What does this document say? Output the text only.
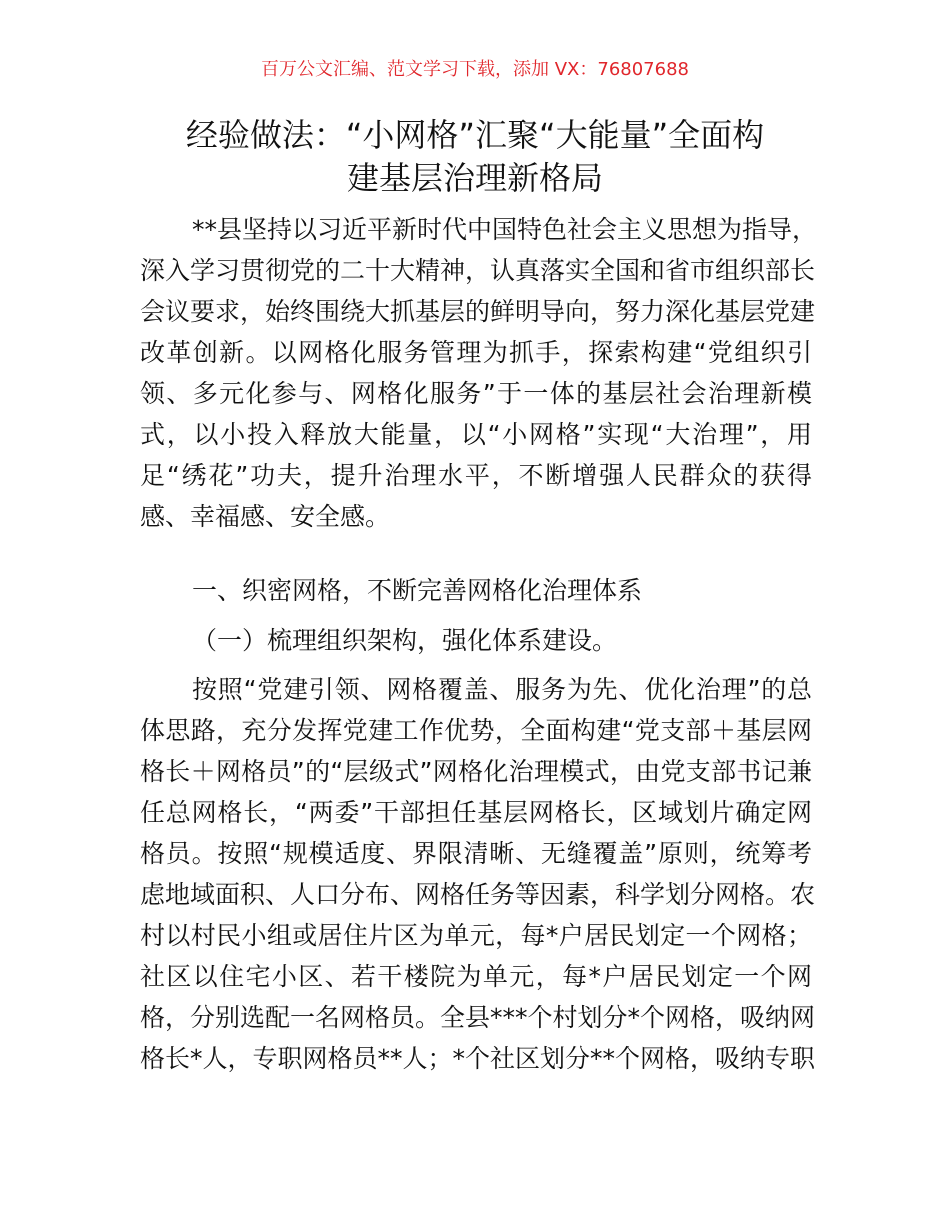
百万公文汇编、范文学习下载，添加 VX：76807688
经验做法：“小网格”汇聚“大能量”全面构
建基层治理新格局
**县坚持以习近平新时代中国特色社会主义思想为指导，
深入学习贯彻党的二十大精神，认真落实全国和省市组织部长
会议要求，始终围绕大抓基层的鲜明导向，努力深化基层党建
改革创新。以网格化服务管理为抓手，探索构建“党组织引
领、多元化参与、网格化服务”于一体的基层社会治理新模
式，以小投入释放大能量，以“小网格”实现“大治理”，用
足“绣花”功夫，提升治理水平，不断增强人民群众的获得
感、幸福感、安全感。
一、织密网格，不断完善网格化治理体系
（一）梳理组织架构，强化体系建设。
按照“党建引领、网格覆盖、服务为先、优化治理”的总
体思路，充分发挥党建工作优势，全面构建“党支部＋基层网
格长＋网格员”的“层级式”网格化治理模式，由党支部书记兼
任总网格长，“两委”干部担任基层网格长，区域划片确定网
格员。按照“规模适度、界限清晰、无缝覆盖”原则，统筹考
虑地域面积、人口分布、网格任务等因素，科学划分网格。农
村以村民小组或居住片区为单元，每*户居民划定一个网格；
社区以住宅小区、若干楼院为单元，每*户居民划定一个网
格，分别选配一名网格员。全县***个村划分*个网格，吸纳网
格长*人，专职网格员**人；*个社区划分**个网格，吸纳专职
